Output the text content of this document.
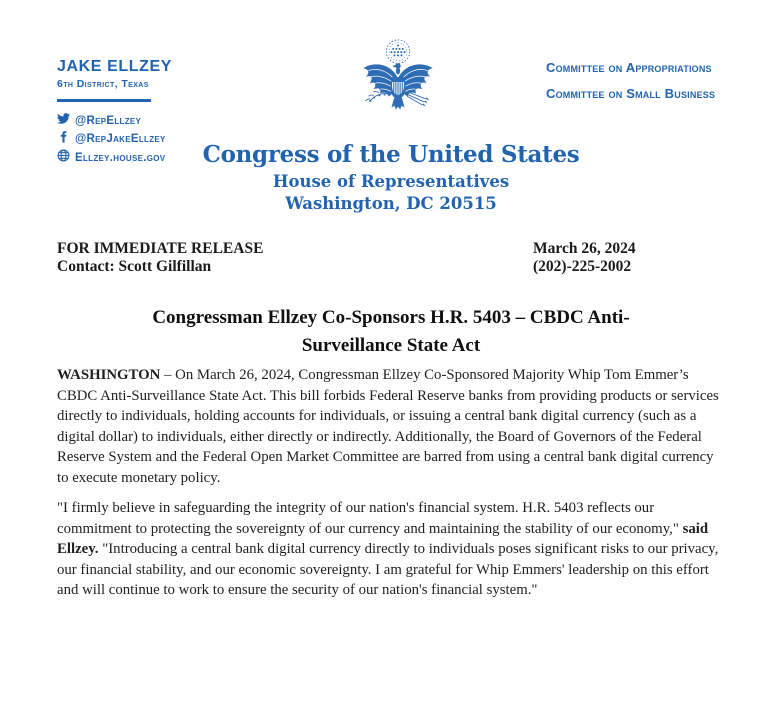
JAKE ELLZEY
6th District, Texas
@RepEllzey
@RepJakeEllzey
Ellzey.house.gov
Committee on Appropriations
Committee on Small Business
Congress of the United States
House of Representatives
Washington, DC 20515
FOR IMMEDIATE RELEASE
Contact: Scott Gilfillan
March 26, 2024
(202)-225-2002
Congressman Ellzey Co-Sponsors H.R. 5403 – CBDC Anti-
Surveillance State Act

WASHINGTON – On March 26, 2024, Congressman Ellzey Co-Sponsored Majority Whip Tom Emmer’s CBDC Anti-Surveillance State Act. This bill forbids Federal Reserve banks from providing products or services directly to individuals, holding accounts for individuals, or issuing a central bank digital currency (such as a digital dollar) to individuals, either directly or indirectly. Additionally, the Board of Governors of the Federal Reserve System and the Federal Open Market Committee are barred from using a central bank digital currency to execute monetary policy.

"I firmly believe in safeguarding the integrity of our nation's financial system. H.R. 5403 reflects our commitment to protecting the sovereignty of our currency and maintaining the stability of our economy," said Ellzey. "Introducing a central bank digital currency directly to individuals poses significant risks to our privacy, our financial stability, and our economic sovereignty. I am grateful for Whip Emmers' leadership on this effort and will continue to work to ensure the security of our nation's financial system."
